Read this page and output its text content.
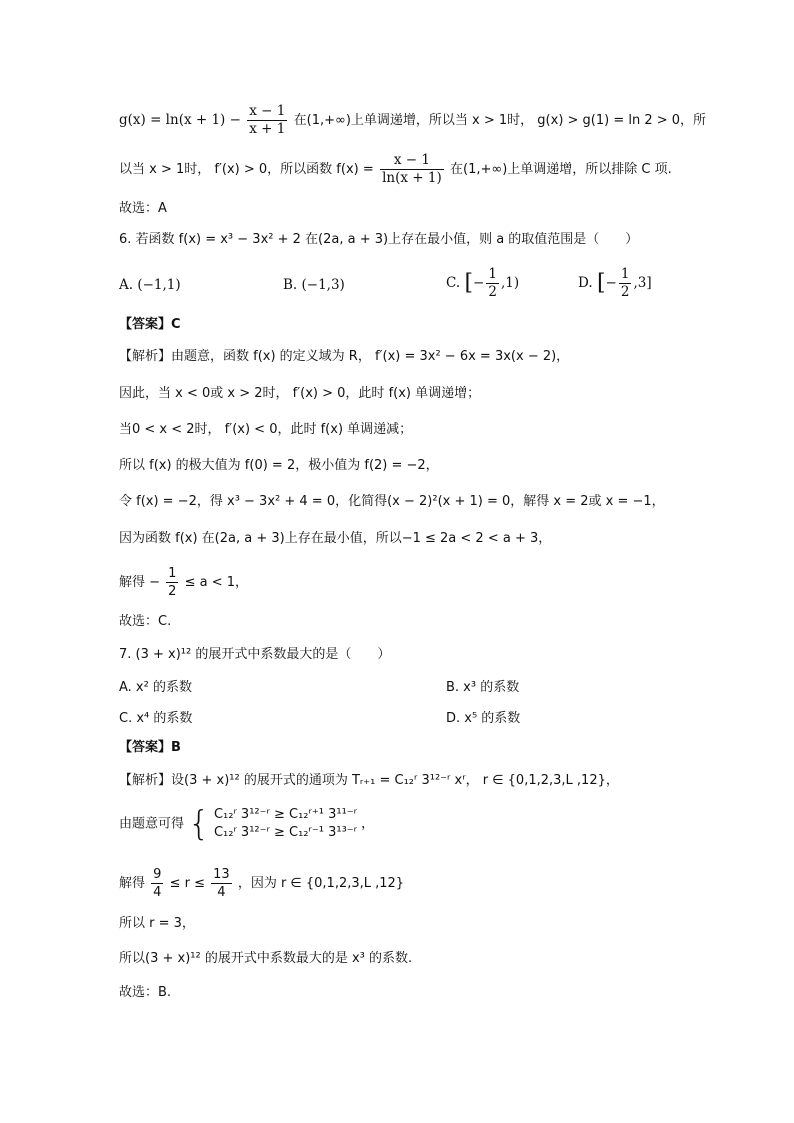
$g(x) = \ln(x + 1) - \frac{x - 1}{x + 1}$ 在(1,+∞)上单调递增，所以当 x > 1时， g(x) > g(1) = ln 2 > 0，所
以当 x > 1时， f′(x) > 0，所以函数 $f(x) = \frac{x - 1}{\ln(x + 1)}$ 在(1,+∞)上单调递增，所以排除 C 项.
故选：A
6. 若函数 f(x) = x³ − 3x² + 2 在(2a, a + 3)上存在最小值，则 a 的取值范围是（　　）
A. (−1,1)	B. (−1,3)	C. [− $\frac{1}{2} ,1$)	D. [− $\frac{1}{2} ,3$]
【答案】C
【解析】由题意，函数 f(x) 的定义域为 R， f′(x) = 3x² − 6x = 3x(x − 2)，
因此，当 x < 0或 x > 2时， f′(x) > 0，此时 f(x) 单调递增；
当0 < x < 2时， f′(x) < 0，此时 f(x) 单调递减；
所以 f(x) 的极大值为 f(0) = 2，极小值为 f(2) = −2，
令 f(x) = −2，得 x³ − 3x² + 4 = 0，化简得(x − 2)²(x + 1) = 0，解得 x = 2或 x = −1，
因为函数 f(x) 在(2a, a + 3)上存在最小值，所以−1 ≤ 2a < 2 < a + 3，
解得 − $\frac{1}{2} \le a < 1$，
故选：C.
7. (3 + x)¹² 的展开式中系数最大的是（　　）
A. x² 的系数	B. x³ 的系数
C. x⁴ 的系数	D. x⁵ 的系数
【答案】B
【解析】设(3 + x)¹² 的展开式的通项为 Tᵣ₊₁ = C₁₂ʳ 3¹²⁻ʳ xʳ， r ∈ {0,1,2,3,L ,12}，
由题意可得 { C₁₂ʳ 3¹²⁻ʳ ≥ C₁₂ʳ⁺¹ 3¹¹⁻ʳ
C₁₂ʳ 3¹²⁻ʳ ≥ C₁₂ʳ⁻¹ 3¹³⁻ʳ
，
解得 $\frac{9}{4} \le r \le \frac{13}{4}$ ，因为 r ∈ {0,1,2,3,L ,12}
所以 r = 3，
所以(3 + x)¹² 的展开式中系数最大的是 x³ 的系数.
故选：B.
